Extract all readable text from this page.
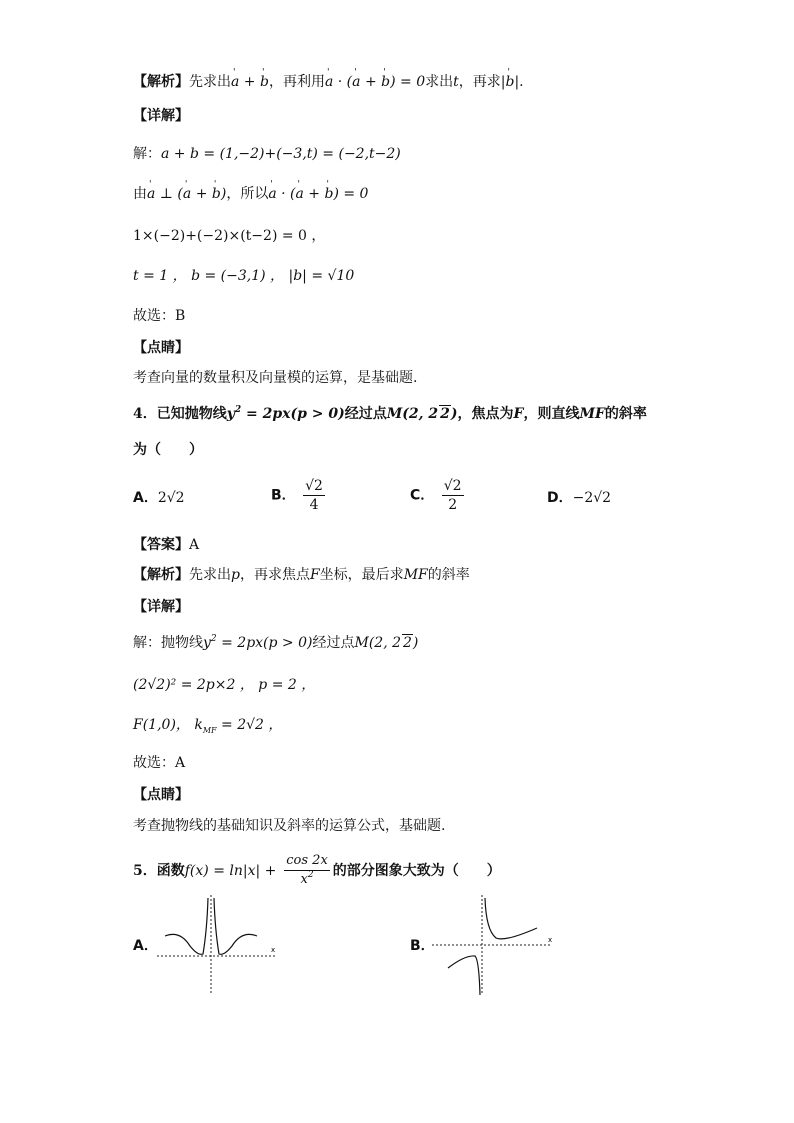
【解析】先求出' a + ' b，再利用' a · (' a + ' b) = 0求出t，再求|' b|.
【详解】
解：a + b = (1,−2)+(−3,t) = (−2,t−2)
由' a ⊥ (' a + ' b)，所以' a · (' a + ' b) = 0
1×(−2)+(−2)×(t−2) = 0 ，
t = 1 ， b = (−3,1) ， |b| = √10
故选：B
【点睛】
考查向量的数量积及向量模的运算，是基础题.
4．已知抛物线$y^2 = 2px(p > 0)$经过点M(2, 2 2)，焦点为F，则直线MF的斜率
为（　　）
A．2√2	B． $\frac{√2}{4}$	C． $\frac{√2}{2}$	D．−2√2
【答案】A
【解析】先求出p，再求焦点F坐标，最后求MF的斜率
【详解】
解：抛物线$y^2 = 2px(p > 0)$经过点M(2, 2 2)
(2√2)² = 2p×2 ， p = 2 ，
F(1,0)， $k_{MF} = 2√2$ ，
故选：A
【点睛】
考查抛物线的基础知识及斜率的运算公式，基础题.
5．函数$f(x) = \ln|x| + \frac{\cos 2x}{x^2}$ 的部分图象大致为（　　）
A．	B．
x
x
